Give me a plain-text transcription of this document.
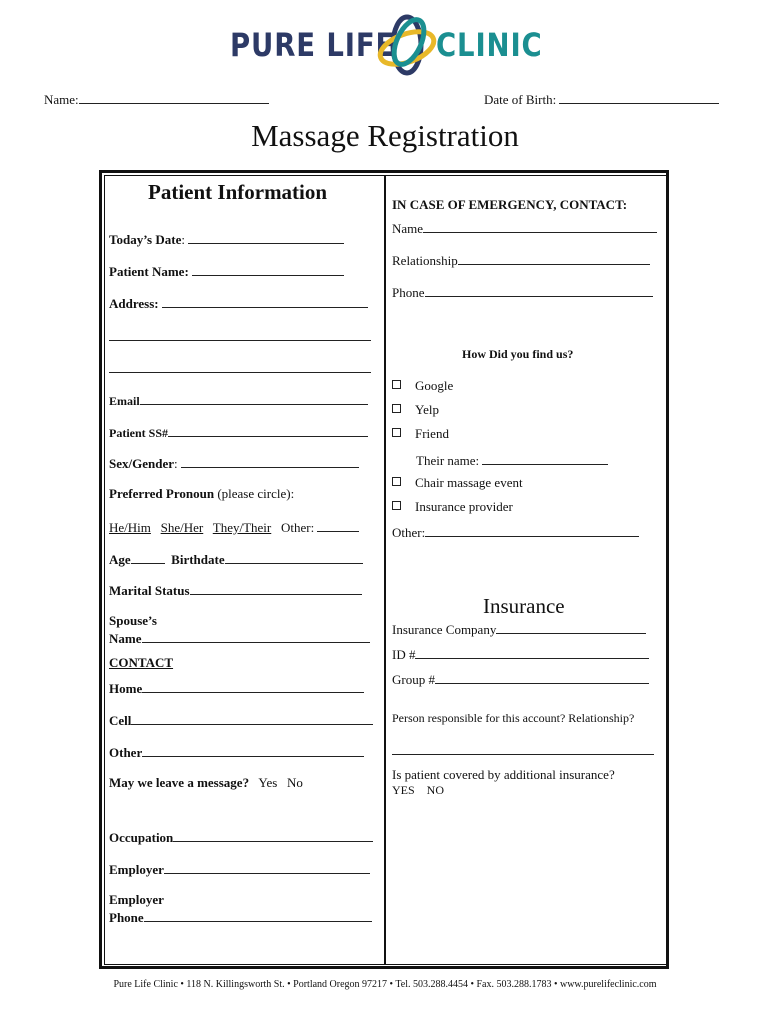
PURE LIFE CLINIC
Name:	Date of Birth:
Massage Registration
Patient Information
Today’s Date:
Patient Name:
Address:
Email
Patient SS#
Sex/Gender:
Preferred Pronoun (please circle):
He/Him She/Her They/Their Other:
Age	Birthdate
Marital Status
Spouse’s
Name
CONTACT
Home
Cell
Other
May we leave a message? Yes No
Occupation
Employer
Employer
Phone
IN CASE OF EMERGENCY, CONTACT:
Name
Relationship
Phone
How Did you find us?
Google
Yelp
Friend
Their name:
Chair massage event
Insurance provider
Other:
Insurance
Insurance Company
ID #
Group #
Person responsible for this account? Relationship?
Is patient covered by additional insurance?
YES NO
Pure Life Clinic • 118 N. Killingsworth St. • Portland Oregon 97217 • Tel. 503.288.4454 • Fax. 503.288.1783 • www.purelifeclinic.com
